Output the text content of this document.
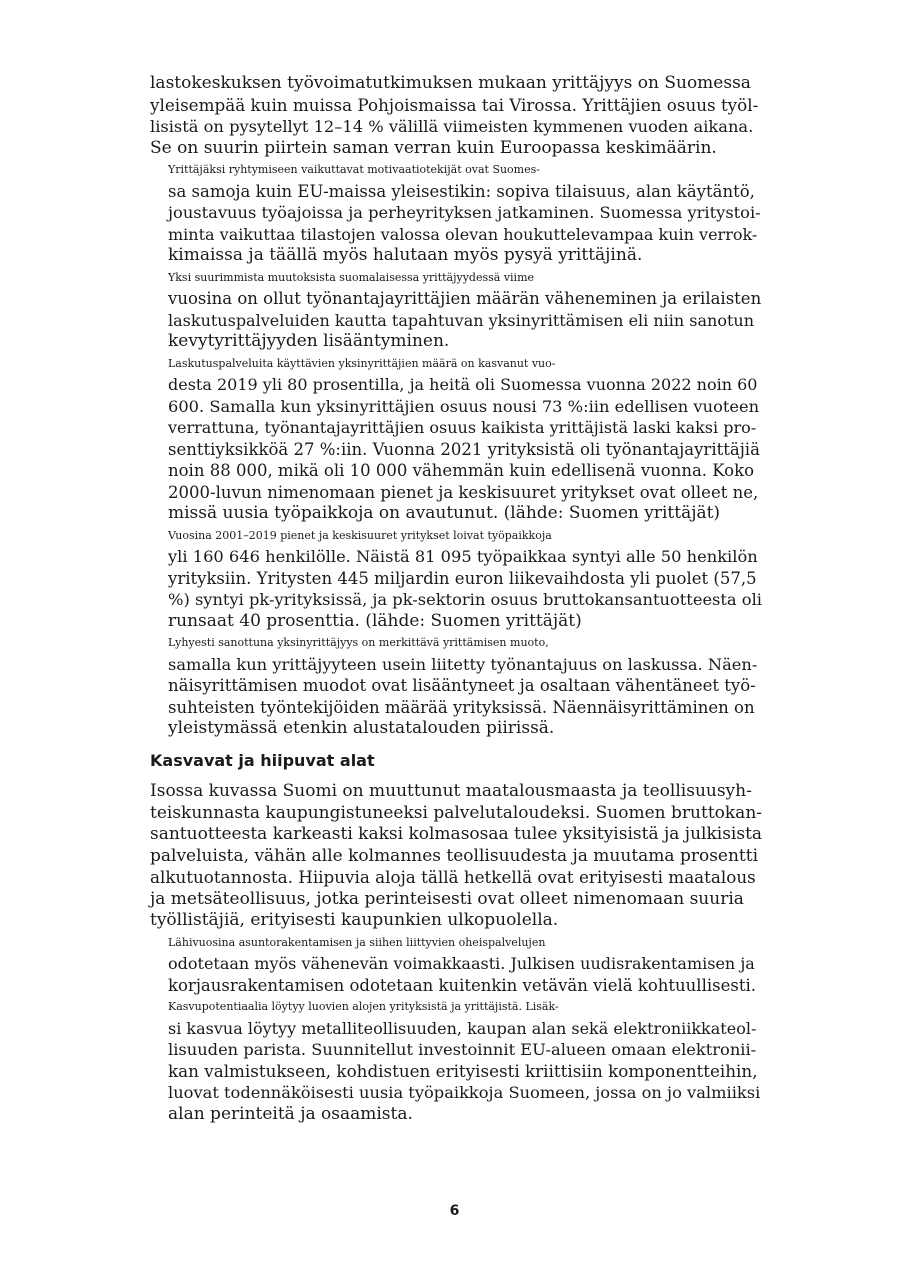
lastokeskuksen työvoimatutkimuksen mukaan yrittäjyys on Suomessa
yleisempää kuin muissa Pohjoismaissa tai Virossa. Yrittäjien osuus työl-
lisistä on pysytellyt 12–14 % välillä viimeisten kymmenen vuoden aikana.
Se on suurin piirtein saman verran kuin Euroopassa keskimäärin.

Yrittäjäksi ryhtymiseen vaikuttavat motivaatiotekijät ovat Suomes-
sa samoja kuin EU-maissa yleisestikin: sopiva tilaisuus, alan käytäntö,
joustavuus työajoissa ja perheyrityksen jatkaminen. Suomessa yritystoi-
minta vaikuttaa tilastojen valossa olevan houkuttelevampaa kuin verrok-
kimaissa ja täällä myös halutaan myös pysyä yrittäjinä.

Yksi suurimmista muutoksista suomalaisessa yrittäjyydessä viime
vuosina on ollut työnantajayrittäjien määrän väheneminen ja erilaisten
laskutuspalveluiden kautta tapahtuvan yksinyrittämisen eli niin sanotun
kevytyrittäjyyden lisääntyminen.

Laskutuspalveluita käyttävien yksinyrittäjien määrä on kasvanut vuo-
desta 2019 yli 80 prosentilla, ja heitä oli Suomessa vuonna 2022 noin 60
600. Samalla kun yksinyrittäjien osuus nousi 73 %:iin edellisen vuoteen
verrattuna, työnantajayrittäjien osuus kaikista yrittäjistä laski kaksi pro-
senttiyksikköä 27 %:iin. Vuonna 2021 yrityksistä oli työnantajayrittäjiä
noin 88 000, mikä oli 10 000 vähemmän kuin edellisenä vuonna. Koko
2000-luvun nimenomaan pienet ja keskisuuret yritykset ovat olleet ne,
missä uusia työpaikkoja on avautunut. (lähde: Suomen yrittäjät)

Vuosina 2001–2019 pienet ja keskisuuret yritykset loivat työpaikkoja
yli 160 646 henkilölle. Näistä 81 095 työpaikkaa syntyi alle 50 henkilön
yrityksiin. Yritysten 445 miljardin euron liikevaihdosta yli puolet (57,5
%) syntyi pk-yrityksissä, ja pk-sektorin osuus bruttokansantuotteesta oli
runsaat 40 prosenttia. (lähde: Suomen yrittäjät)

Lyhyesti sanottuna yksinyrittäjyys on merkittävä yrittämisen muoto,
samalla kun yrittäjyyteen usein liitetty työnantajuus on laskussa. Näen-
näisyrittämisen muodot ovat lisääntyneet ja osaltaan vähentäneet työ-
suhteisten työntekijöiden määrää yrityksissä. Näennäisyrittäminen on
yleistymässä etenkin alustatalouden piirissä.

Kasvavat ja hiipuvat alat

Isossa kuvassa Suomi on muuttunut maatalousmaasta ja teollisuusyh-
teiskunnasta kaupungistuneeksi palvelutaloudeksi. Suomen bruttokan-
santuotteesta karkeasti kaksi kolmasosaa tulee yksityisistä ja julkisista
palveluista, vähän alle kolmannes teollisuudesta ja muutama prosentti
alkutuotannosta. Hiipuvia aloja tällä hetkellä ovat erityisesti maatalous
ja metsäteollisuus, jotka perinteisesti ovat olleet nimenomaan suuria
työllistäjiä, erityisesti kaupunkien ulkopuolella.

Lähivuosina asuntorakentamisen ja siihen liittyvien oheispalvelujen
odotetaan myös vähenevän voimakkaasti. Julkisen uudisrakentamisen ja
korjausrakentamisen odotetaan kuitenkin vetävän vielä kohtuullisesti.

Kasvupotentiaalia löytyy luovien alojen yrityksistä ja yrittäjistä. Lisäk-
si kasvua löytyy metalliteollisuuden, kaupan alan sekä elektroniikkateol-
lisuuden parista. Suunnitellut investoinnit EU-alueen omaan elektronii-
kan valmistukseen, kohdistuen erityisesti kriittisiin komponentteihin,
luovat todennäköisesti uusia työpaikkoja Suomeen, jossa on jo valmiiksi
alan perinteitä ja osaamista.

6
